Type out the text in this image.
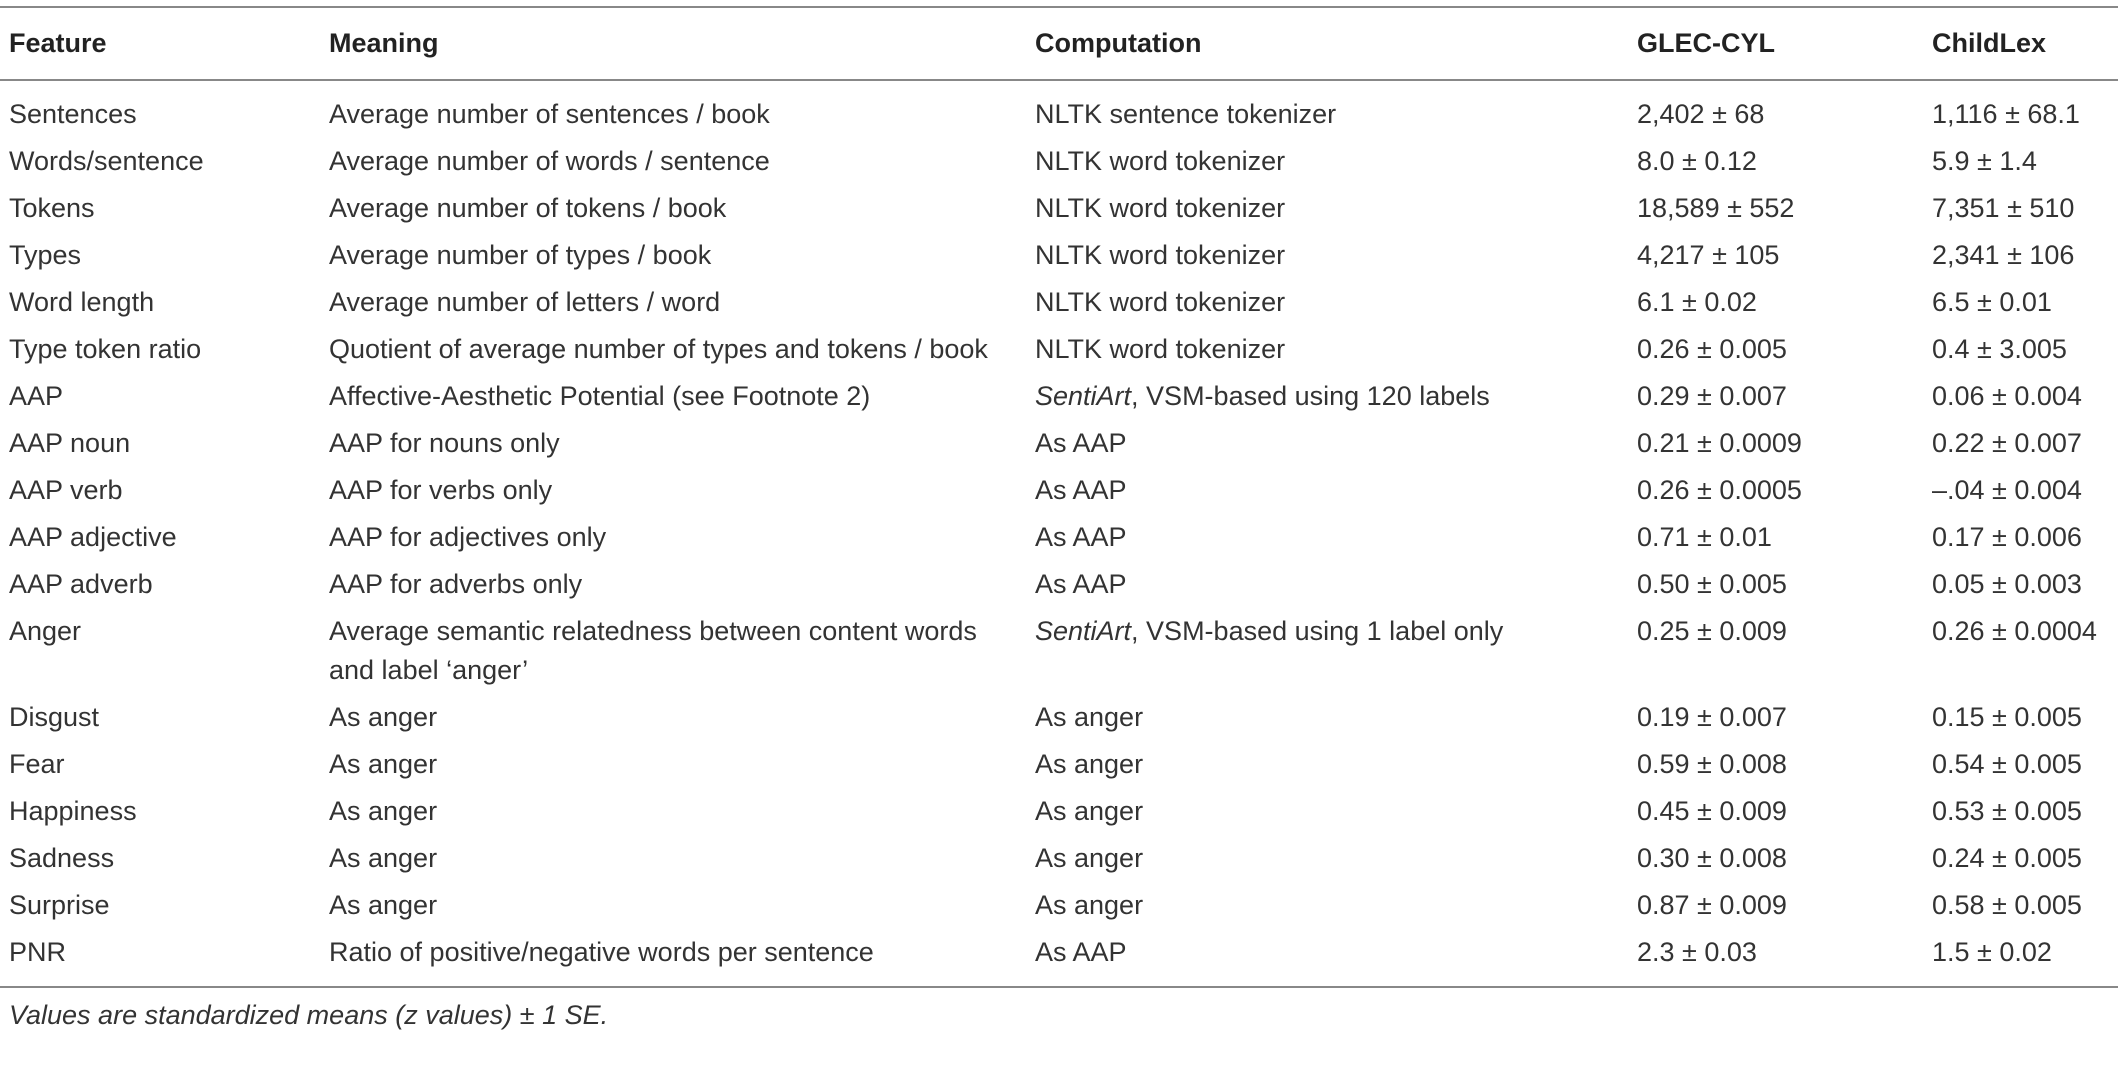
Feature	Meaning	Computation	GLEC-CYL	ChildLex
Sentences	Average number of sentences / book	NLTK sentence tokenizer	2,402 ± 68	1,116 ± 68.1
Words/sentence	Average number of words / sentence	NLTK word tokenizer	8.0 ± 0.12	5.9 ± 1.4
Tokens	Average number of tokens / book	NLTK word tokenizer	18,589 ± 552	7,351 ± 510
Types	Average number of types / book	NLTK word tokenizer	4,217 ± 105	2,341 ± 106
Word length	Average number of letters / word	NLTK word tokenizer	6.1 ± 0.02	6.5 ± 0.01
Type token ratio	Quotient of average number of types and tokens / book	NLTK word tokenizer	0.26 ± 0.005	0.4 ± 3.005
AAP	Affective-Aesthetic Potential (see Footnote 2)	SentiArt, VSM-based using 120 labels	0.29 ± 0.007	0.06 ± 0.004
AAP noun	AAP for nouns only	As AAP	0.21 ± 0.0009	0.22 ± 0.007
AAP verb	AAP for verbs only	As AAP	0.26 ± 0.0005	–.04 ± 0.004
AAP adjective	AAP for adjectives only	As AAP	0.71 ± 0.01	0.17 ± 0.006
AAP adverb	AAP for adverbs only	As AAP	0.50 ± 0.005	0.05 ± 0.003
Anger	Average semantic relatedness between content words and label ‘anger’	SentiArt, VSM-based using 1 label only	0.25 ± 0.009	0.26 ± 0.0004
Disgust	As anger	As anger	0.19 ± 0.007	0.15 ± 0.005
Fear	As anger	As anger	0.59 ± 0.008	0.54 ± 0.005
Happiness	As anger	As anger	0.45 ± 0.009	0.53 ± 0.005
Sadness	As anger	As anger	0.30 ± 0.008	0.24 ± 0.005
Surprise	As anger	As anger	0.87 ± 0.009	0.58 ± 0.005
PNR	Ratio of positive/negative words per sentence	As AAP	2.3 ± 0.03	1.5 ± 0.02
Values are standardized means (z values) ± 1 SE.
